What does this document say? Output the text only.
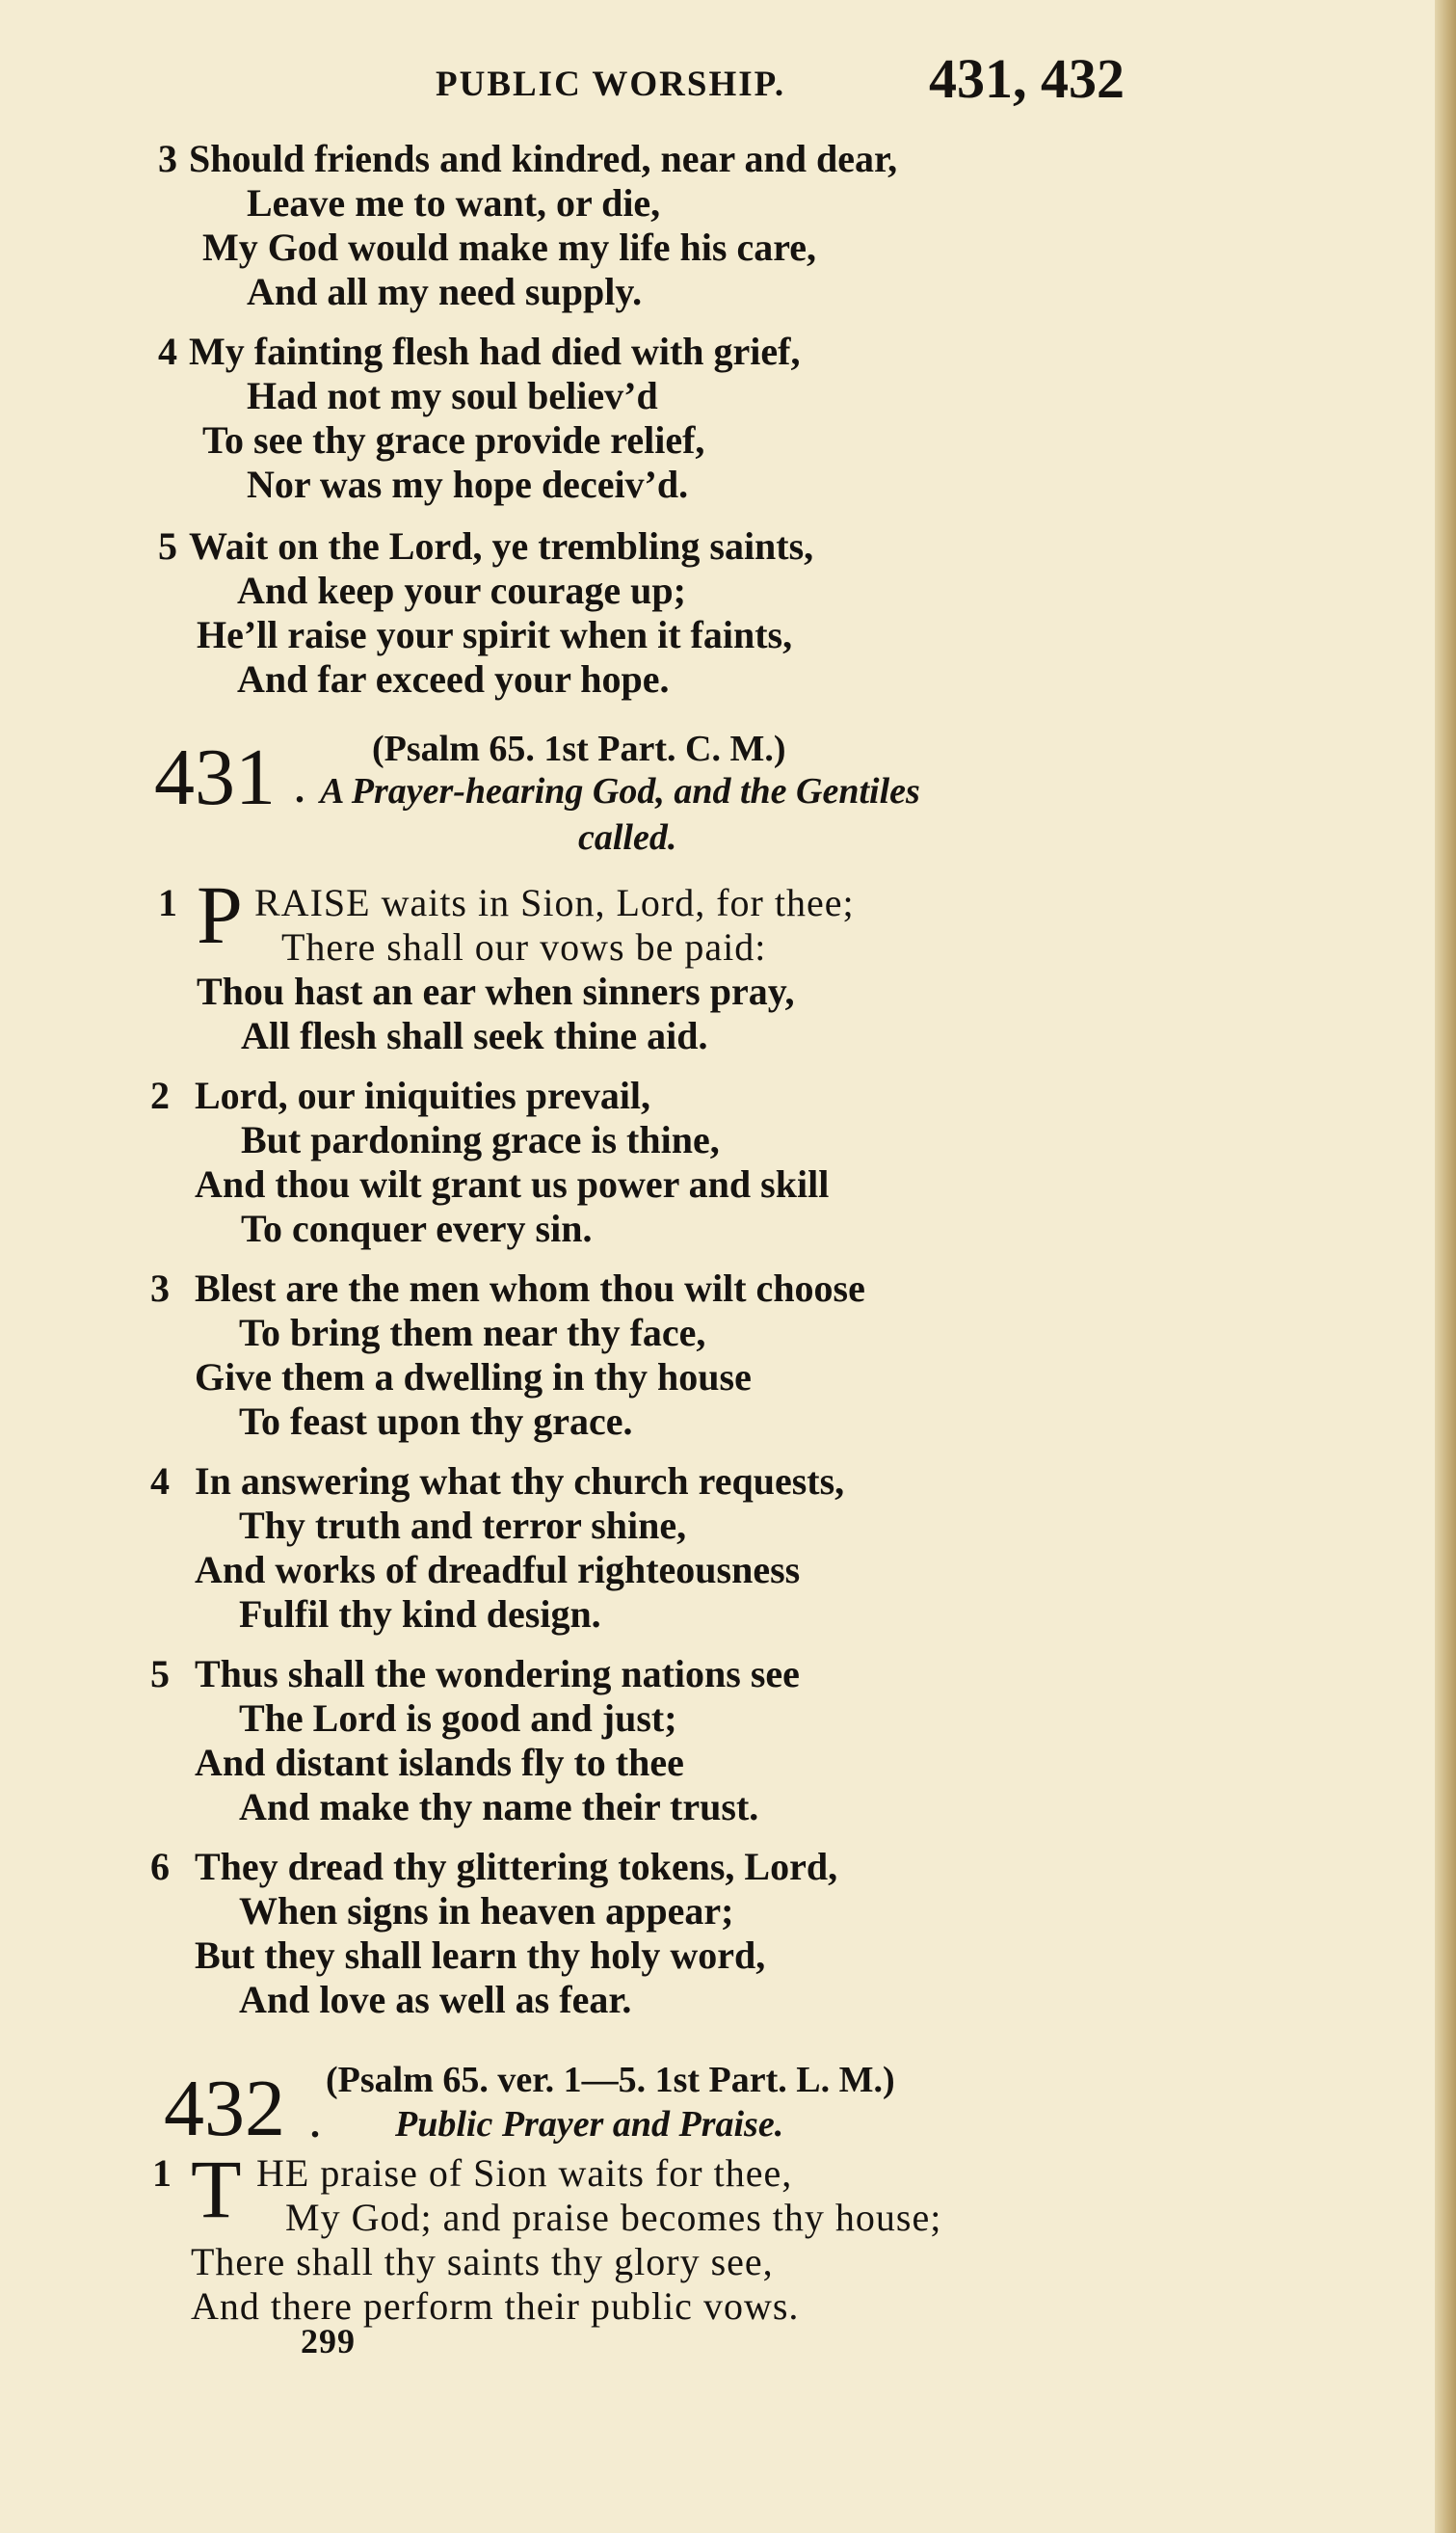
PUBLIC WORSHIP.	431, 432
3 Should friends and kindred, near and dear,
Leave me to want, or die,
My God would make my life his care,
And all my need supply.
4 My fainting flesh had died with grief,
Had not my soul believ’d
To see thy grace provide relief,
Nor was my hope deceiv’d.
5 Wait on the Lord, ye trembling saints,
And keep your courage up;
He’ll raise your spirit when it faints,
And far exceed your hope.
431 .
(Psalm 65. 1st Part. C. M.)
A Prayer-hearing God, and the Gentiles
called.
1 P RAISE waits in Sion, Lord, for thee;
There shall our vows be paid:
Thou hast an ear when sinners pray,
All flesh shall seek thine aid.
2 Lord, our iniquities prevail,
But pardoning grace is thine,
And thou wilt grant us power and skill
To conquer every sin.
3 Blest are the men whom thou wilt choose
To bring them near thy face,
Give them a dwelling in thy house
To feast upon thy grace.
4 In answering what thy church requests,
Thy truth and terror shine,
And works of dreadful righteousness
Fulfil thy kind design.
5 Thus shall the wondering nations see
The Lord is good and just;
And distant islands fly to thee
And make thy name their trust.
6 They dread thy glittering tokens, Lord,
When signs in heaven appear;
But they shall learn thy holy word,
And love as well as fear.
432 .
(Psalm 65. ver. 1—5. 1st Part. L. M.)
Public Prayer and Praise.
1 T HE praise of Sion waits for thee,
My God; and praise becomes thy house;
There shall thy saints thy glory see,
And there perform their public vows.
299
